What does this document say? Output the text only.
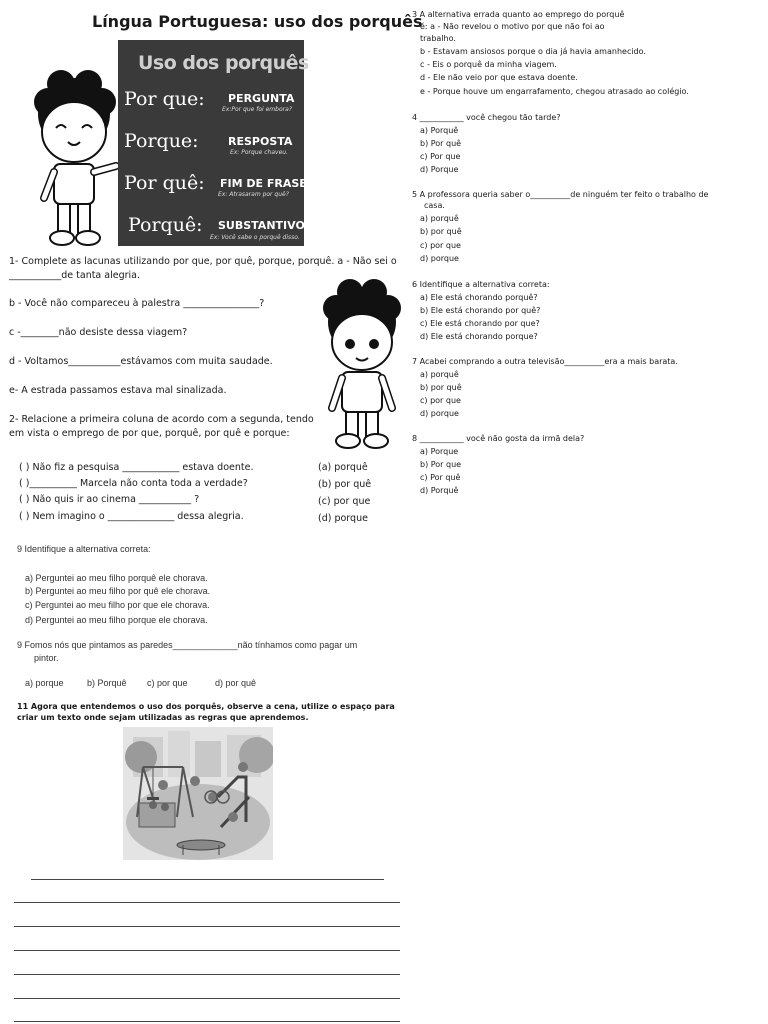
Língua Portuguesa: uso dos porquês
Uso dos porquês
Por que: PERGUNTA
Ex:Por que foi embora?
Porque:	RESPOSTA
Ex: Porque chaveu.
Por quê: FIM DE FRASE
Ex: Atrasaram por quê?
Porquê: SUBSTANTIVO
Ex: Você sabe o porquê disso.
1- Complete as lacunas utilizando por que, por quê, porque, porquê. a - Não sei o
___________de tanta alegria.
b - Você não compareceu à palestra ________________?
c -________não desiste dessa viagem?
d - Voltamos___________estávamos com muita saudade.
e- A estrada passamos estava mal sinalizada.
2- Relacione a primeira coluna de acordo com a segunda, tendo
em vista o emprego de por que, porquê, por quê e porque:
( ) Não fiz a pesquisa ____________ estava doente.
( )__________ Marcela não conta toda a verdade?
( ) Não quis ir ao cinema ___________ ?
( ) Nem imagino o ______________ dessa alegria.
(a) porquê
(b) por quê
(c) por que
(d) porque
9 Identifique a alternativa correta:
a) Perguntei ao meu filho porquê ele chorava.
b) Perguntei ao meu filho por quê ele chorava.
c) Perguntei ao meu filho por que ele chorava.
d) Perguntei ao meu filho porque ele chorava.
9 Fomos nós que pintamos as paredes_____________não tínhamos como pagar um
pintor.
a) porque	b) Porquê c) por que	d) por quê
11 Agora que entendemos o uso dos porquês, observe a cena, utilize o espaço para
criar um texto onde sejam utilizadas as regras que aprendemos.
3 A alternativa errada quanto ao emprego do porquê
é: a - Não revelou o motivo por que não foi ao
trabalho.
b - Estavam ansiosos porque o dia já havia amanhecido.
c - Eis o porquê da minha viagem.
d - Ele não veio por que estava doente.
e - Porque houve um engarrafamento, chegou atrasado ao colégio.
4 ___________ você chegou tão tarde?
a) Porquê
b) Por quê
c) Por que
d) Porque
5 A professora queria saber o__________de ninguém ter feito o trabalho de
casa.
a) porquê
b) por quê
c) por que
d) porque
6 Identifique a alternativa correta:
a) Ele está chorando porquê?
b) Ele está chorando por quê?
c) Ele está chorando por que?
d) Ele está chorando porque?
7 Acabei comprando a outra televisão__________era a mais barata.
a) porquê
b) por quê
c) por que
d) porque
8 ___________ você não gosta da irmã dela?
a) Porque
b) Por que
c) Por quê
d) Porquê
